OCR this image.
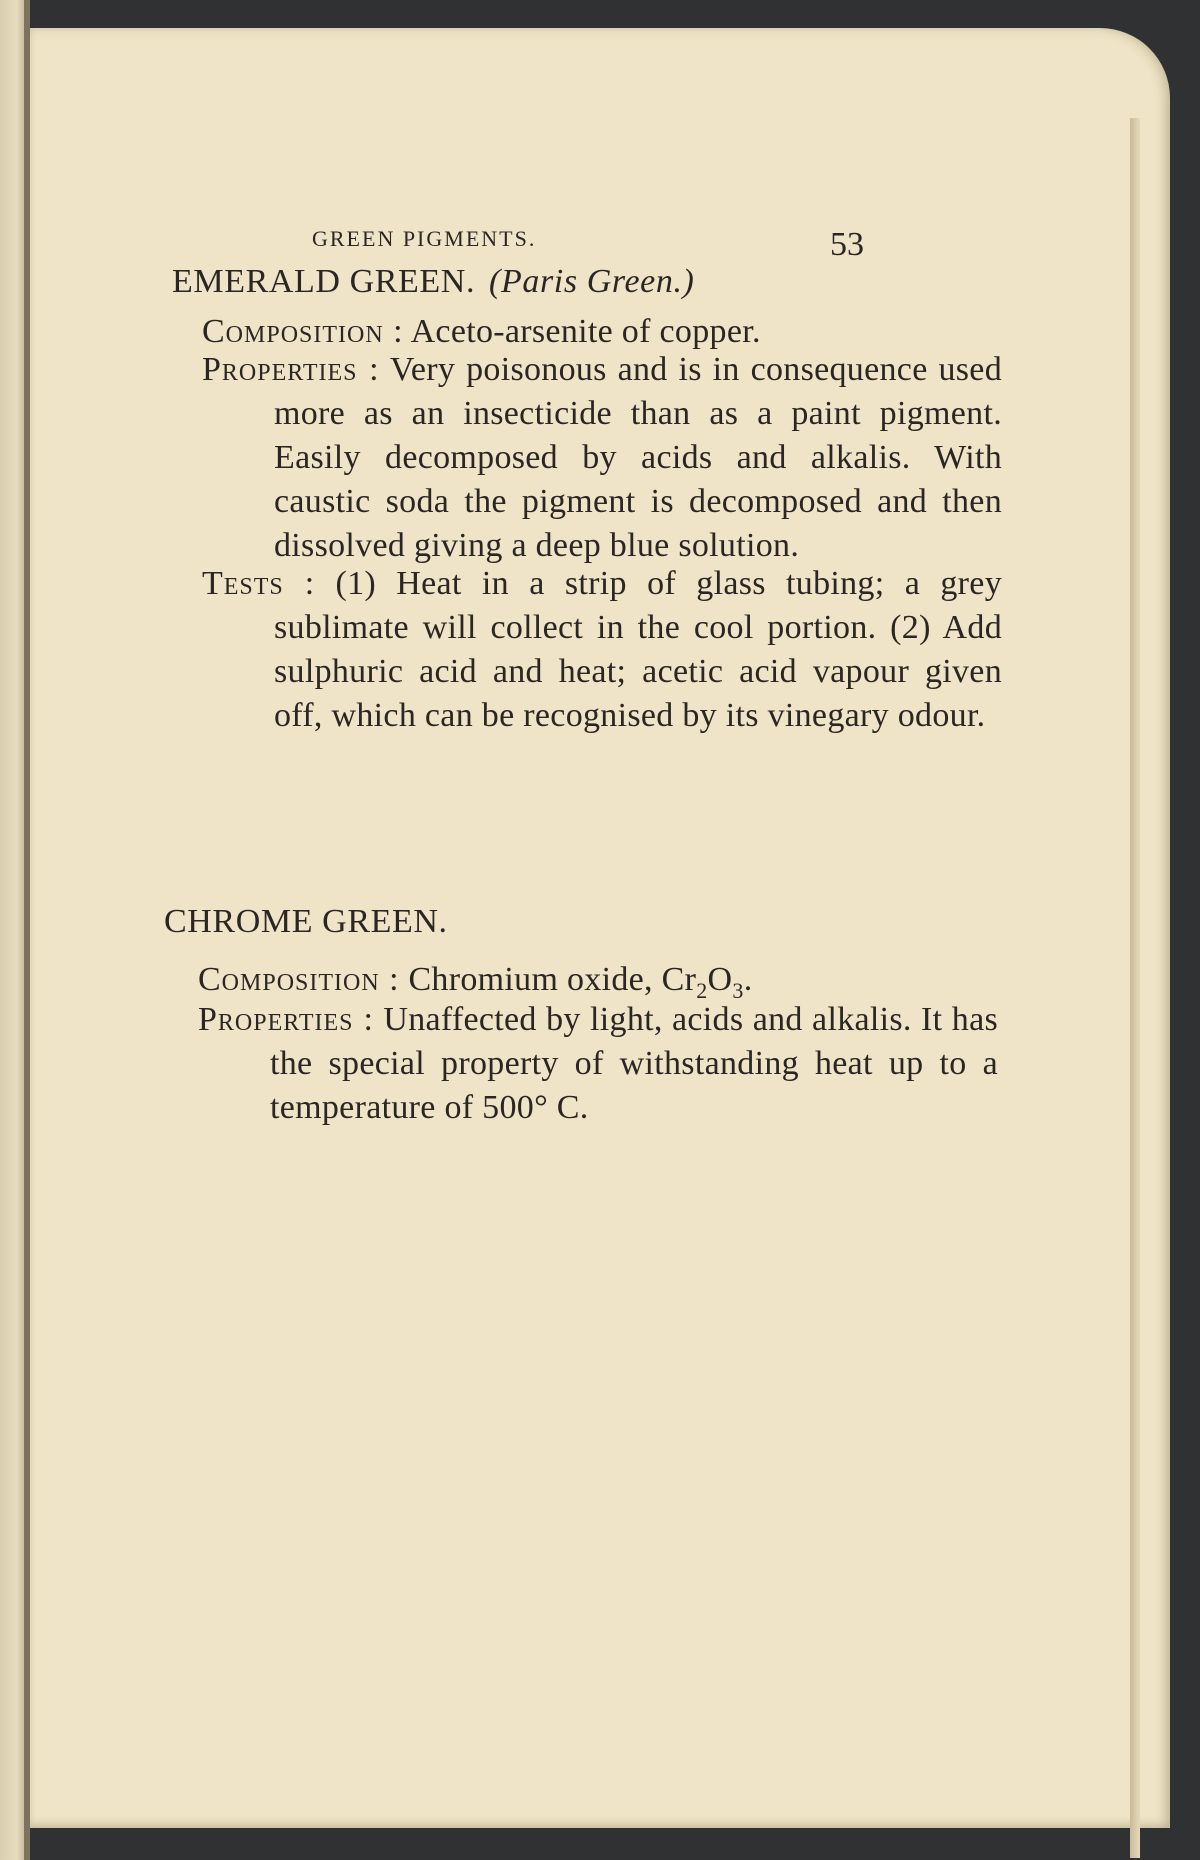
GREEN PIGMENTS.	53
EMERALD GREEN. (Paris Green.)

Composition : Aceto-arsenite of copper.

Properties : Very poisonous and is in consequence used more as an insecticide than as a paint pigment. Easily decomposed by acids and alkalis. With caustic soda the pigment is decomposed and then dissolved giving a deep blue solution.

Tests : (1) Heat in a strip of glass tubing; a grey sublimate will collect in the cool portion. (2) Add sulphuric acid and heat; acetic acid vapour given off, which can be recognised by its vinegary odour.

CHROME GREEN.

Composition : Chromium oxide, $Cr_2O_3$.

Properties : Unaffected by light, acids and alkalis. It has the special property of withstanding heat up to a temperature of 500° C.
